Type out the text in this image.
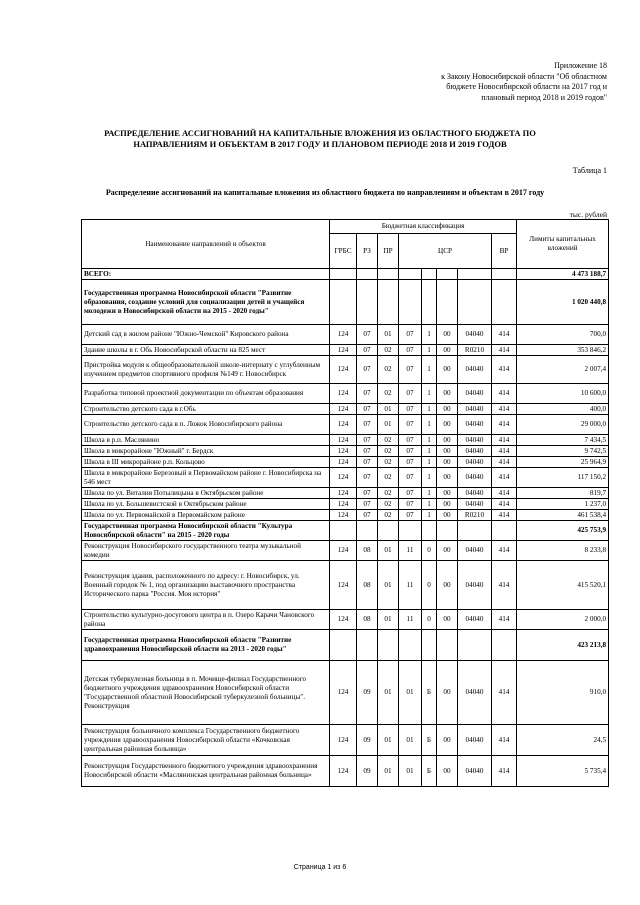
Приложение 18
к Закону Новосибирской области "Об областном
бюджете Новосибирской области на 2017 год и
плановый период 2018 и 2019 годов"
РАСПРЕДЕЛЕНИЕ АССИГНОВАНИЙ НА КАПИТАЛЬНЫЕ ВЛОЖЕНИЯ ИЗ ОБЛАСТНОГО БЮДЖЕТА ПО
НАПРАВЛЕНИЯМ И ОБЪЕКТАМ В 2017 ГОДУ И ПЛАНОВОМ ПЕРИОДЕ 2018 И 2019 ГОДОВ
Таблица 1
Распределение ассигнований на капитальные вложения из областного бюджета по направлениям и объектам в 2017 году
тыс. рублей
Наименование направлений и объектов	Бюджетная классификация								Лимиты капитальных вложений
	ГРБС	РЗ	ПР	ЦСР				ВР	
ВСЕГО:									4 473 188,7
Государственная программа Новосибирской области "Развитие образования, создание условий для социализации детей и учащейся молодежи в Новосибирской области на 2015 - 2020 годы"									1 020 440,8
Детский сад в жилом районе "Южно-Чемской" Кировского района	124	07	01	07	1	00	04040	414	700,0
Здание школы в г. Обь Новосибирской области на 825 мест	124	07	02	07	1	00	R0210	414	353 846,2
Пристройка модуля к общеобразовательной школе-интернату с углубленным изучением предметов спортивного профиля №149 г. Новосибирск	124	07	02	07	1	00	04040	414	2 007,4
Разработка типовой проектной документации по объектам образования	124	07	02	07	1	00	04040	414	10 600,0
Строительство детского сада в г.Обь	124	07	01	07	1	00	04040	414	400,0
Строительство детского сада в п. Ложок Новосибирского района	124	07	01	07	1	00	04040	414	29 000,0
Школа в р.п. Маслянино	124	07	02	07	1	00	04040	414	7 434,5
Школа в микрорайоне "Южный" г. Бердск	124	07	02	07	1	00	04040	414	9 742,5
Школа в III микрорайоне р.п. Кольцово	124	07	02	07	1	00	04040	414	25 964,9
Школа в микрорайоне Березовый в Первомайском районе г. Новосибирска на 546 мест	124	07	02	07	1	00	04040	414	117 150,2
Школа по ул. Виталия Потылицына в Октябрьском районе	124	07	02	07	1	00	04040	414	819,7
Школа по ул. Большевистской в Октябрьском районе	124	07	02	07	1	00	04040	414	1 237,0
Школа по ул. Первомайской в Первомайском районе	124	07	02	07	1	00	R0210	414	461 538,4
Государственная программа Новосибирской области "Культура Новосибирской области" на 2015 - 2020 годы									425 753,9
Реконструкция Новосибирского государственного театра музыкальной комедии	124	08	01	11	0	00	04040	414	8 233,8
Реконструкция здания, расположенного по адресу: г. Новосибирск, ул. Военный городок № 1, под организацию выставочного пространства Исторического парка "Россия. Моя история"	124	08	01	11	0	00	04040	414	415 520,1
Строительство культурно-досугового центра в п. Озеро Карачи Чановского района	124	08	01	11	0	00	04040	414	2 000,0
Государственная программа Новосибирской области "Развитие здравоохранения Новосибирской области на 2013 - 2020 годы"									423 213,8
Детская туберкулезная больница в п. Мочище-филиал Государственного бюджетного учреждения здравоохранения Новосибирской области "Государственной областной Новосибирской туберкулезной больницы". Реконструкция	124	09	01	01	Б	00	04040	414	910,0
Реконструкция больничного комплекса Государственного бюджетного учреждения здравоохранения Новосибирской области «Кочковская центральная районная больница»	124	09	01	01	Б	00	04040	414	24,5
Реконструкция Государственного бюджетного учреждения здравоохранения Новосибирской области «Маслянинская центральная районная больница»	124	09	01	01	Б	00	04040	414	5 735,4
Страница 1 из 6
